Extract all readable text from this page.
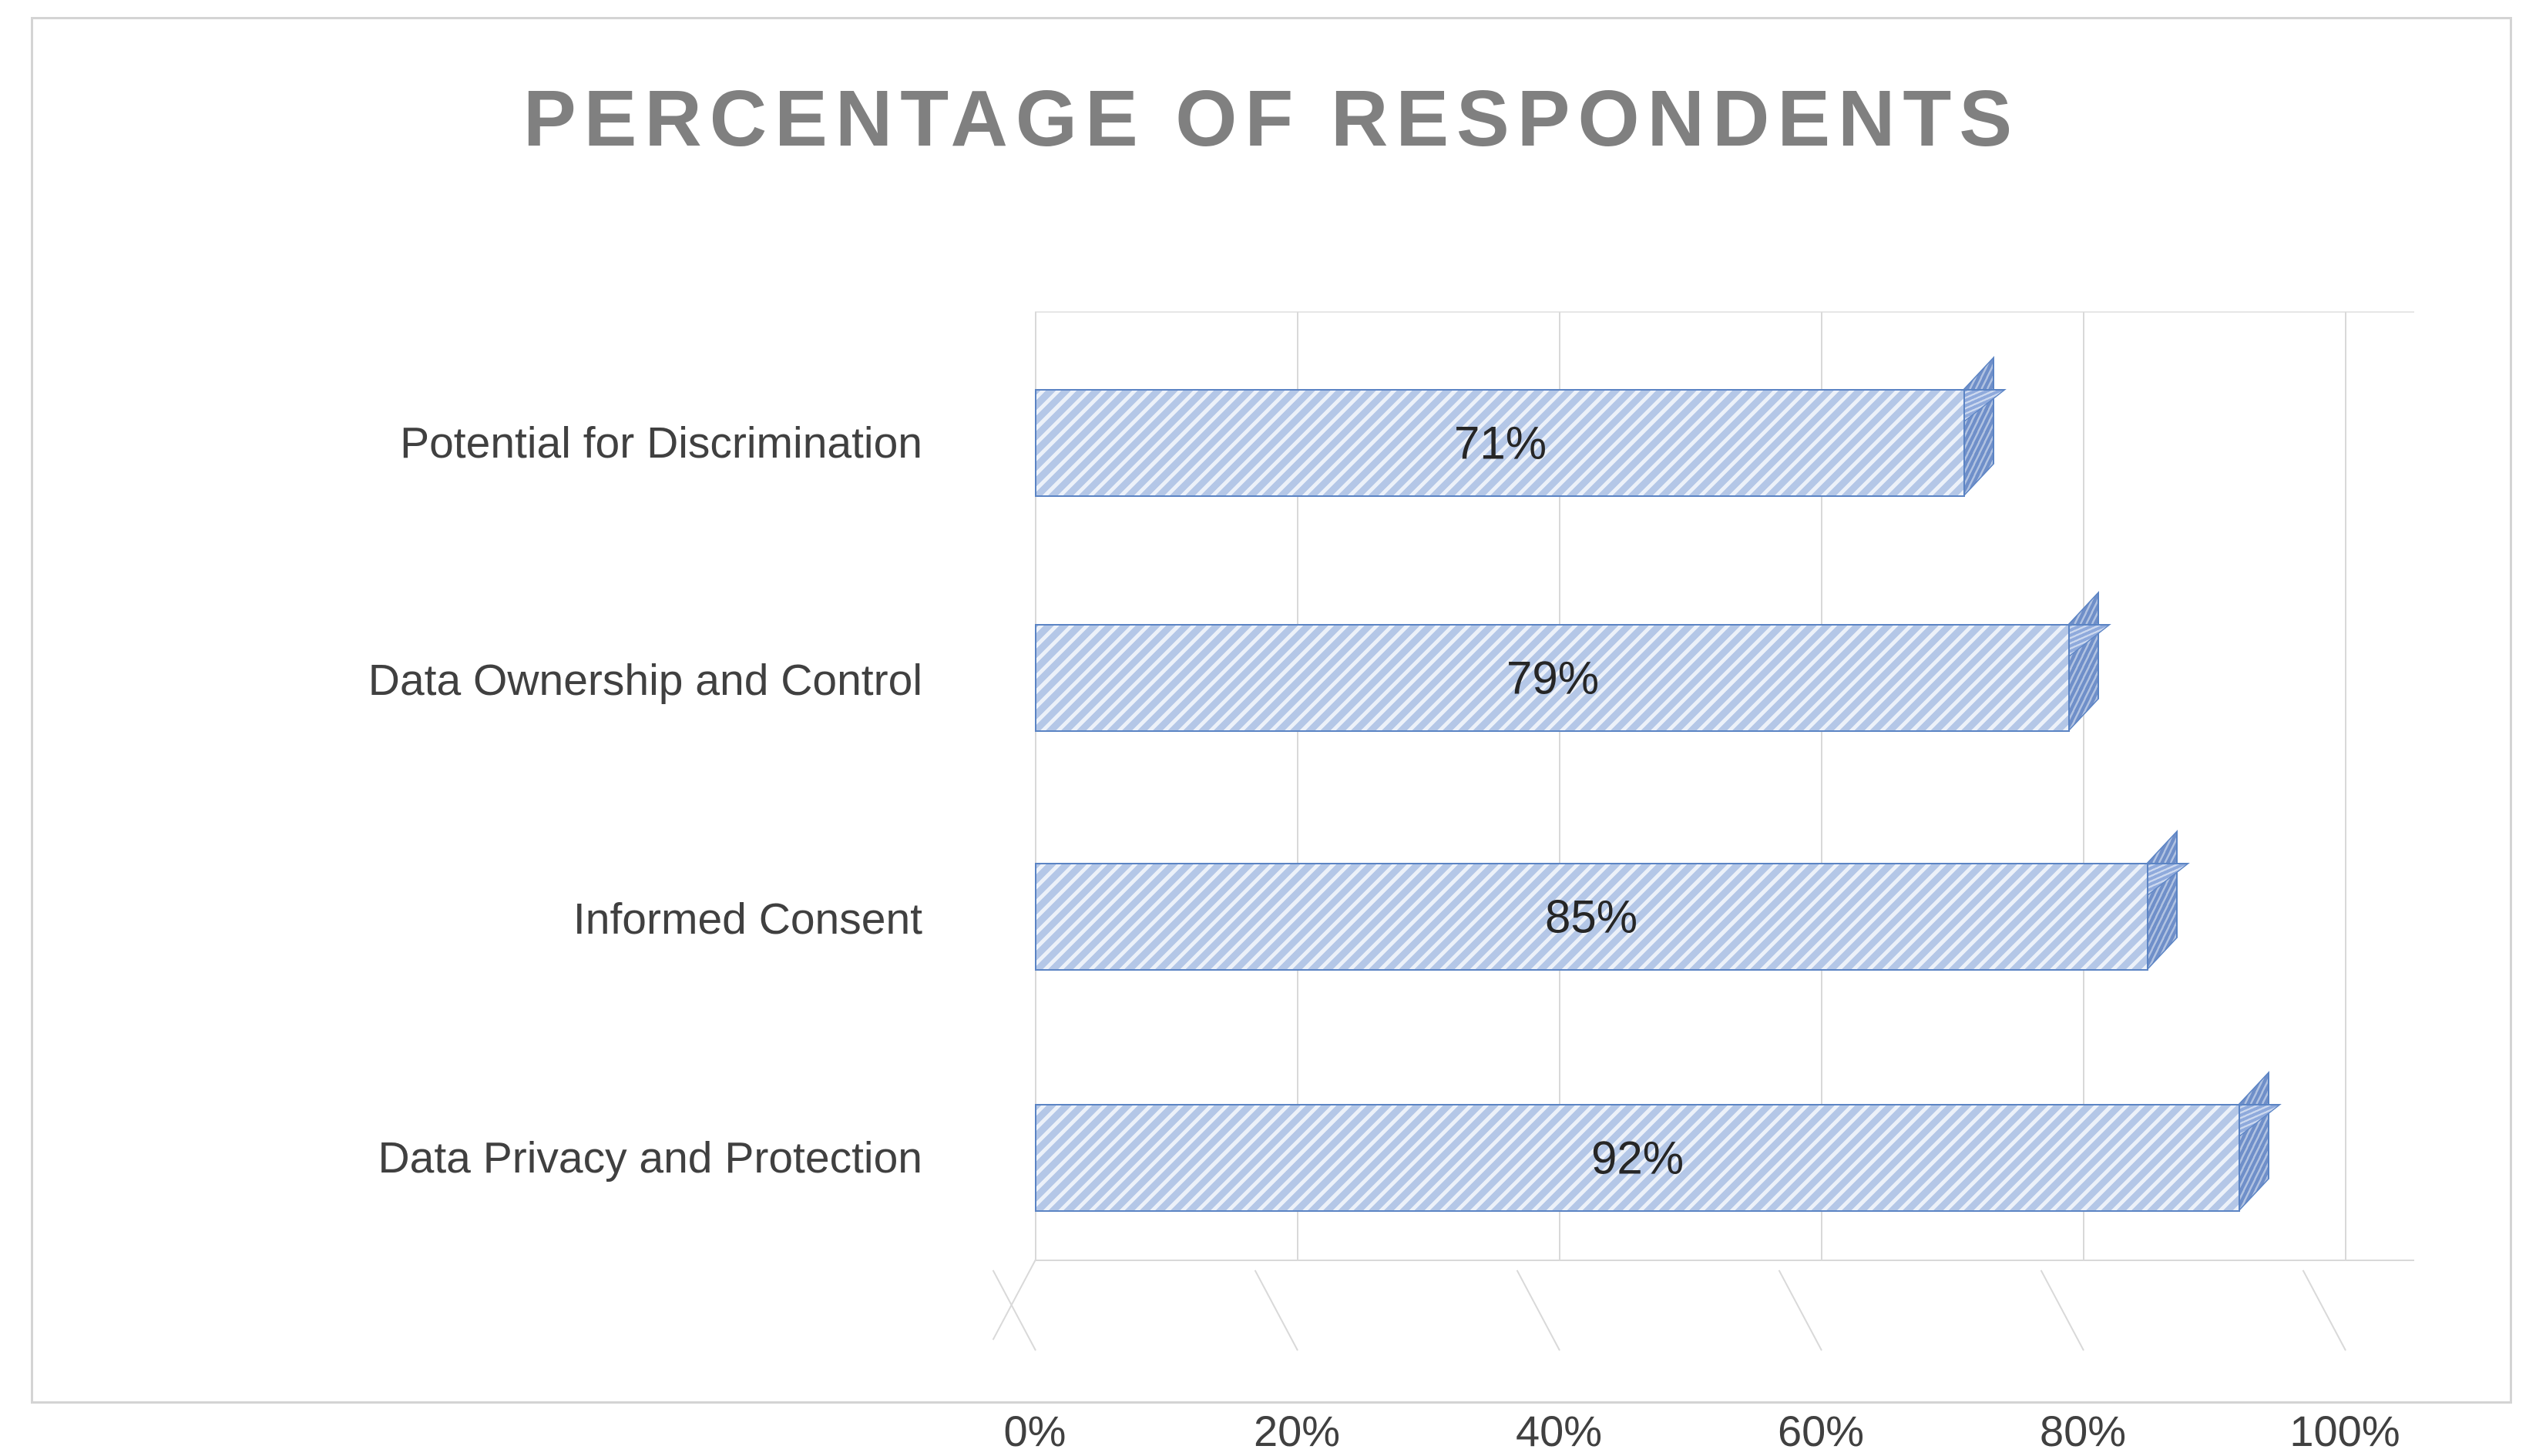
PERCENTAGE OF RESPONDENTS
71%
79%
85%
92%
0%	20%	40%	60%	80%	100%
Potential for Discrimination
Data Ownership and Control
Informed Consent
Data Privacy and Protection
